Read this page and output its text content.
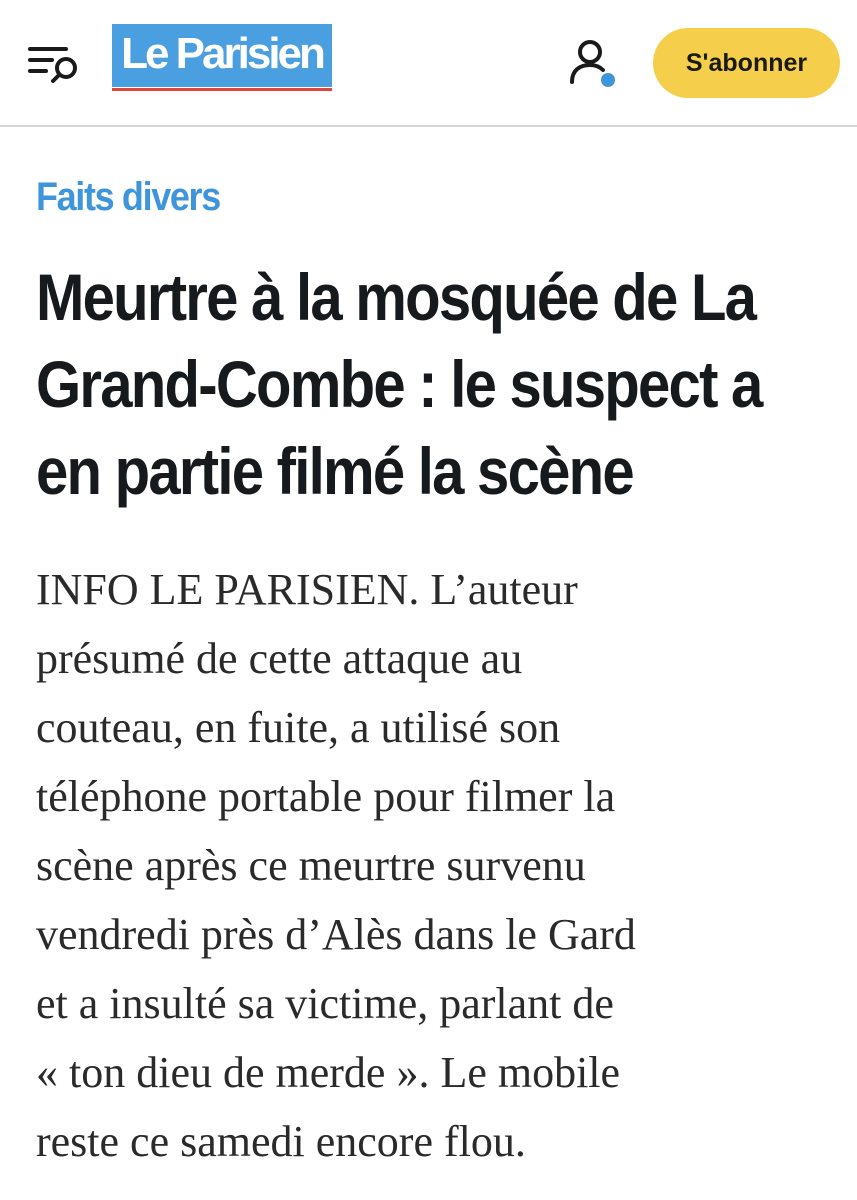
Le Parisien	S'abonner
Faits divers
Meurtre à la mosquée de La
Grand-Combe : le suspect a
en partie filmé la scène

INFO LE PARISIEN. L’auteur
présumé de cette attaque au
couteau, en fuite, a utilisé son
téléphone portable pour filmer la
scène après ce meurtre survenu
vendredi près d’Alès dans le Gard
et a insulté sa victime, parlant de
« ton dieu de merde ». Le mobile
reste ce samedi encore flou.
